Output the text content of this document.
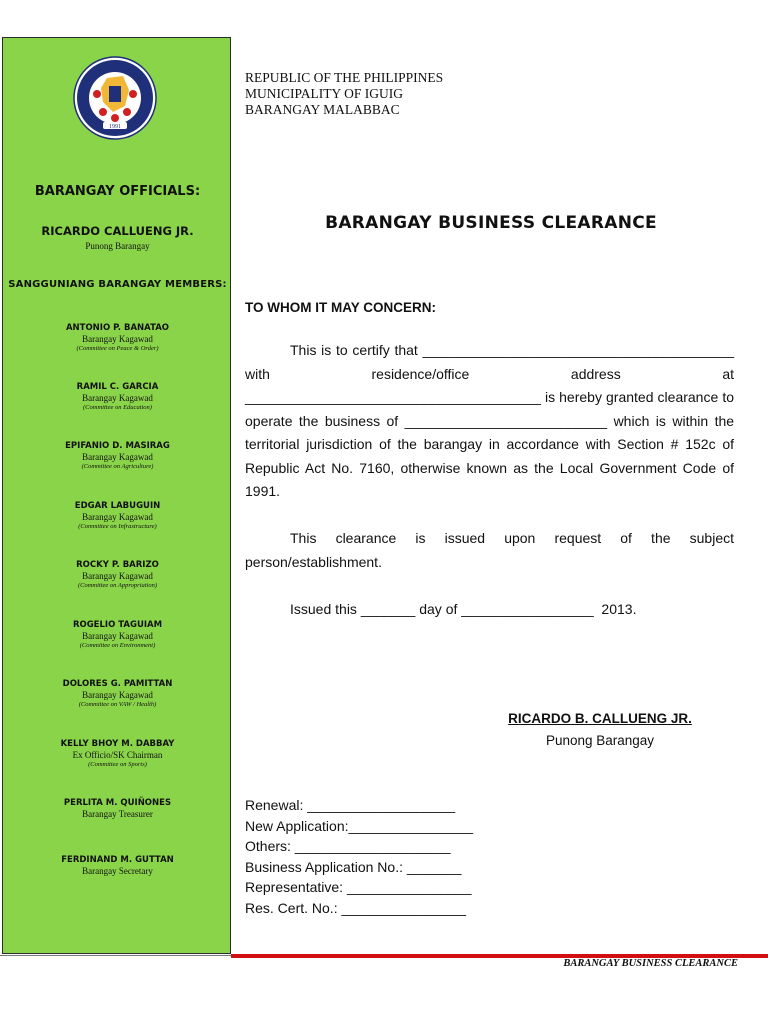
1991
BARANGAY OFFICIALS:
RICARDO CALLUENG JR.
Punong Barangay
SANGGUNIANG BARANGAY MEMBERS:
ANTONIO P. BANATAO
Barangay Kagawad
(Committee on Peace & Order)
RAMIL C. GARCIA
Barangay Kagawad
(Committee on Education)
EPIFANIO D. MASIRAG
Barangay Kagawad
(Committee on Agriculture)
EDGAR LABUGUIN
Barangay Kagawad
(Committee on Infrastructure)
ROCKY P. BARIZO
Barangay Kagawad
(Committee on Appropriation)
ROGELIO TAGUIAM
Barangay Kagawad
(Committee on Environment)
DOLORES G. PAMITTAN
Barangay Kagawad
(Committee on VAW / Health)
KELLY BHOY M. DABBAY
Ex Officio/SK Chairman
(Committee on Sports)
PERLITA M. QUIÑONES
Barangay Treasurer
FERDINAND M. GUTTAN
Barangay Secretary
REPUBLIC OF THE PHILIPPINES
MUNICIPALITY OF IGUIG
BARANGAY MALABBAC
BARANGAY BUSINESS CLEARANCE
TO WHOM IT MAY CONCERN:
This is to certify that ________________________________________ with residence/office address at ______________________________________ is hereby granted clearance to operate the business of __________________________ which is within the territorial jurisdiction of the barangay in accordance with Section # 152c of Republic Act No. 7160, otherwise known as the Local Government Code of 1991.
This clearance is issued upon request of the subject person/establishment.
Issued this _______ day of _________________ 2013.
RICARDO B. CALLUENG JR.
Punong Barangay
Renewal: ___________________
New Application:________________
Others: ____________________
Business Application No.: _______
Representative: ________________
Res. Cert. No.: ________________
BARANGAY BUSINESS CLEARANCE
